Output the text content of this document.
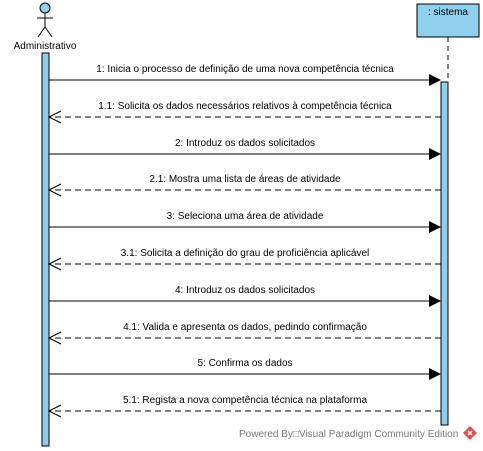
Administrativo
: sistema
1: Inicia o processo de definição de uma nova competência técnica
1.1: Solicita os dados necessários relativos à competência técnica
2: Introduz os dados solicitados
2.1: Mostra uma lista de áreas de atividade
3: Seleciona uma área de atividade
3.1: Solicita a definição do grau de proficiência aplicável
4: Introduz os dados solicitados
4.1: Valida e apresenta os dados, pedindo confirmação
5: Confirma os dados
5.1: Regista a nova competência técnica na plataforma
Powered By□Visual Paradigm Community Edition
